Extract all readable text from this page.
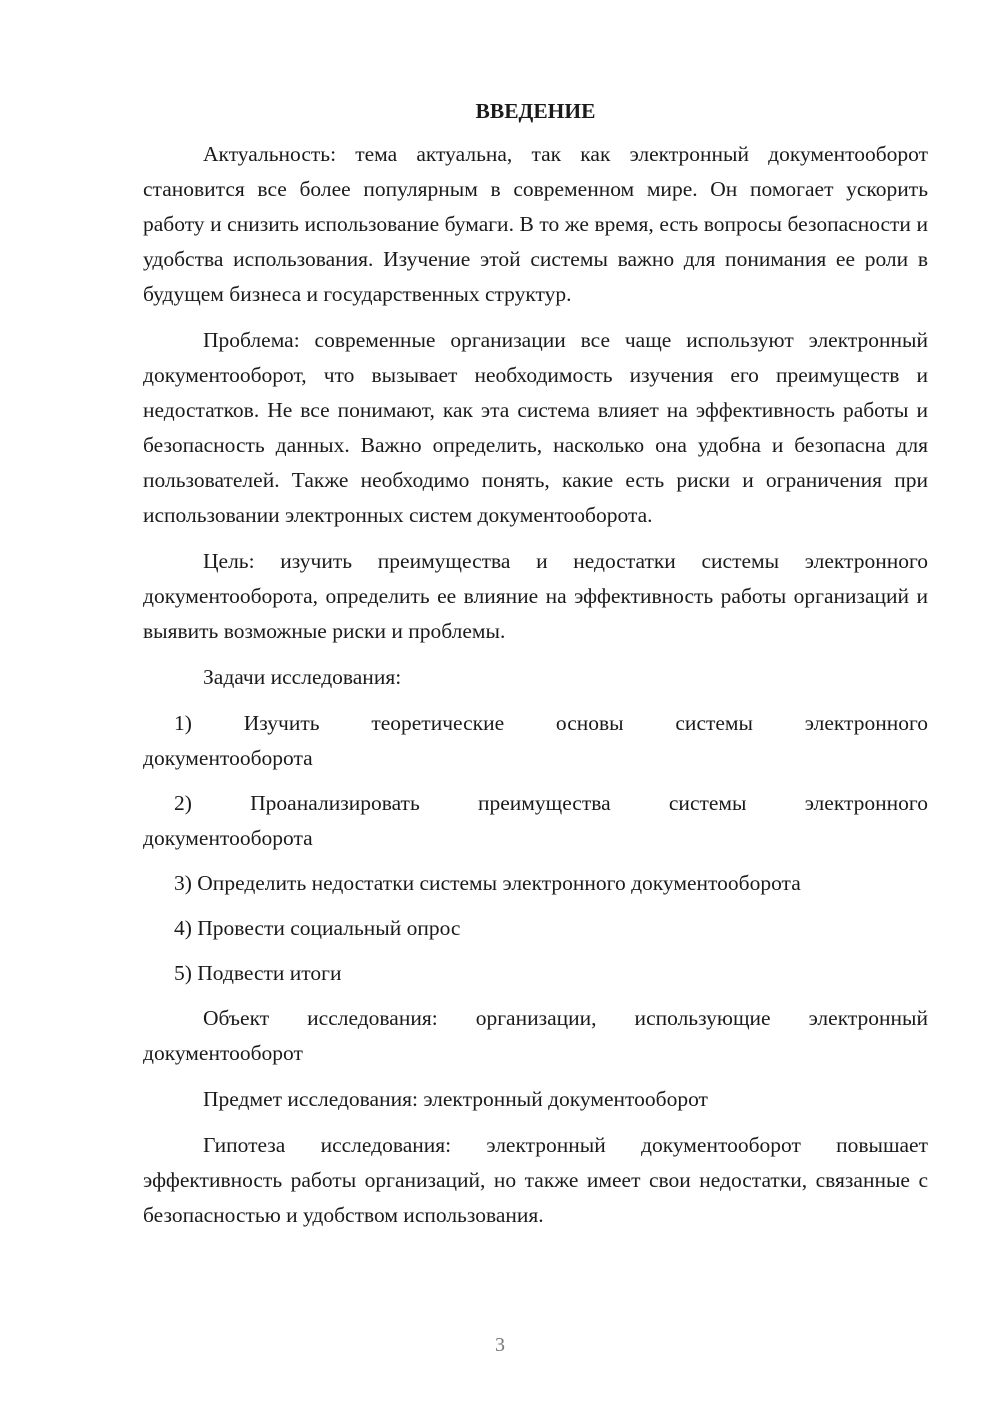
ВВЕДЕНИЕ

Актуальность: тема актуальна, так как электронный документооборот становится все более популярным в современном мире. Он помогает ускорить работу и снизить использование бумаги. В то же время, есть вопросы безопасности и удобства использования. Изучение этой системы важно для понимания ее роли в будущем бизнеса и государственных структур.

Проблема: современные организации все чаще используют электронный документооборот, что вызывает необходимость изучения его преимуществ и недостатков. Не все понимают, как эта система влияет на эффективность работы и безопасность данных. Важно определить, насколько она удобна и безопасна для пользователей. Также необходимо понять, какие есть риски и ограничения при использовании электронных систем документооборота.

Цель: изучить преимущества и недостатки системы электронного документооборота, определить ее влияние на эффективность работы организаций и выявить возможные риски и проблемы.

Задачи исследования:

1) Изучить теоретические основы системы электронного
документооборота
2)	Проанализировать	преимущества	системы	электронного
документооборота

3) Определить недостатки системы электронного документооборота

4) Провести социальный опрос

5) Подвести итоги

Объект исследования: организации, использующие электронный документооборот

Предмет исследования: электронный документооборот

Гипотеза исследования: электронный документооборот повышает эффективность работы организаций, но также имеет свои недостатки, связанные с безопасностью и удобством использования.

3
